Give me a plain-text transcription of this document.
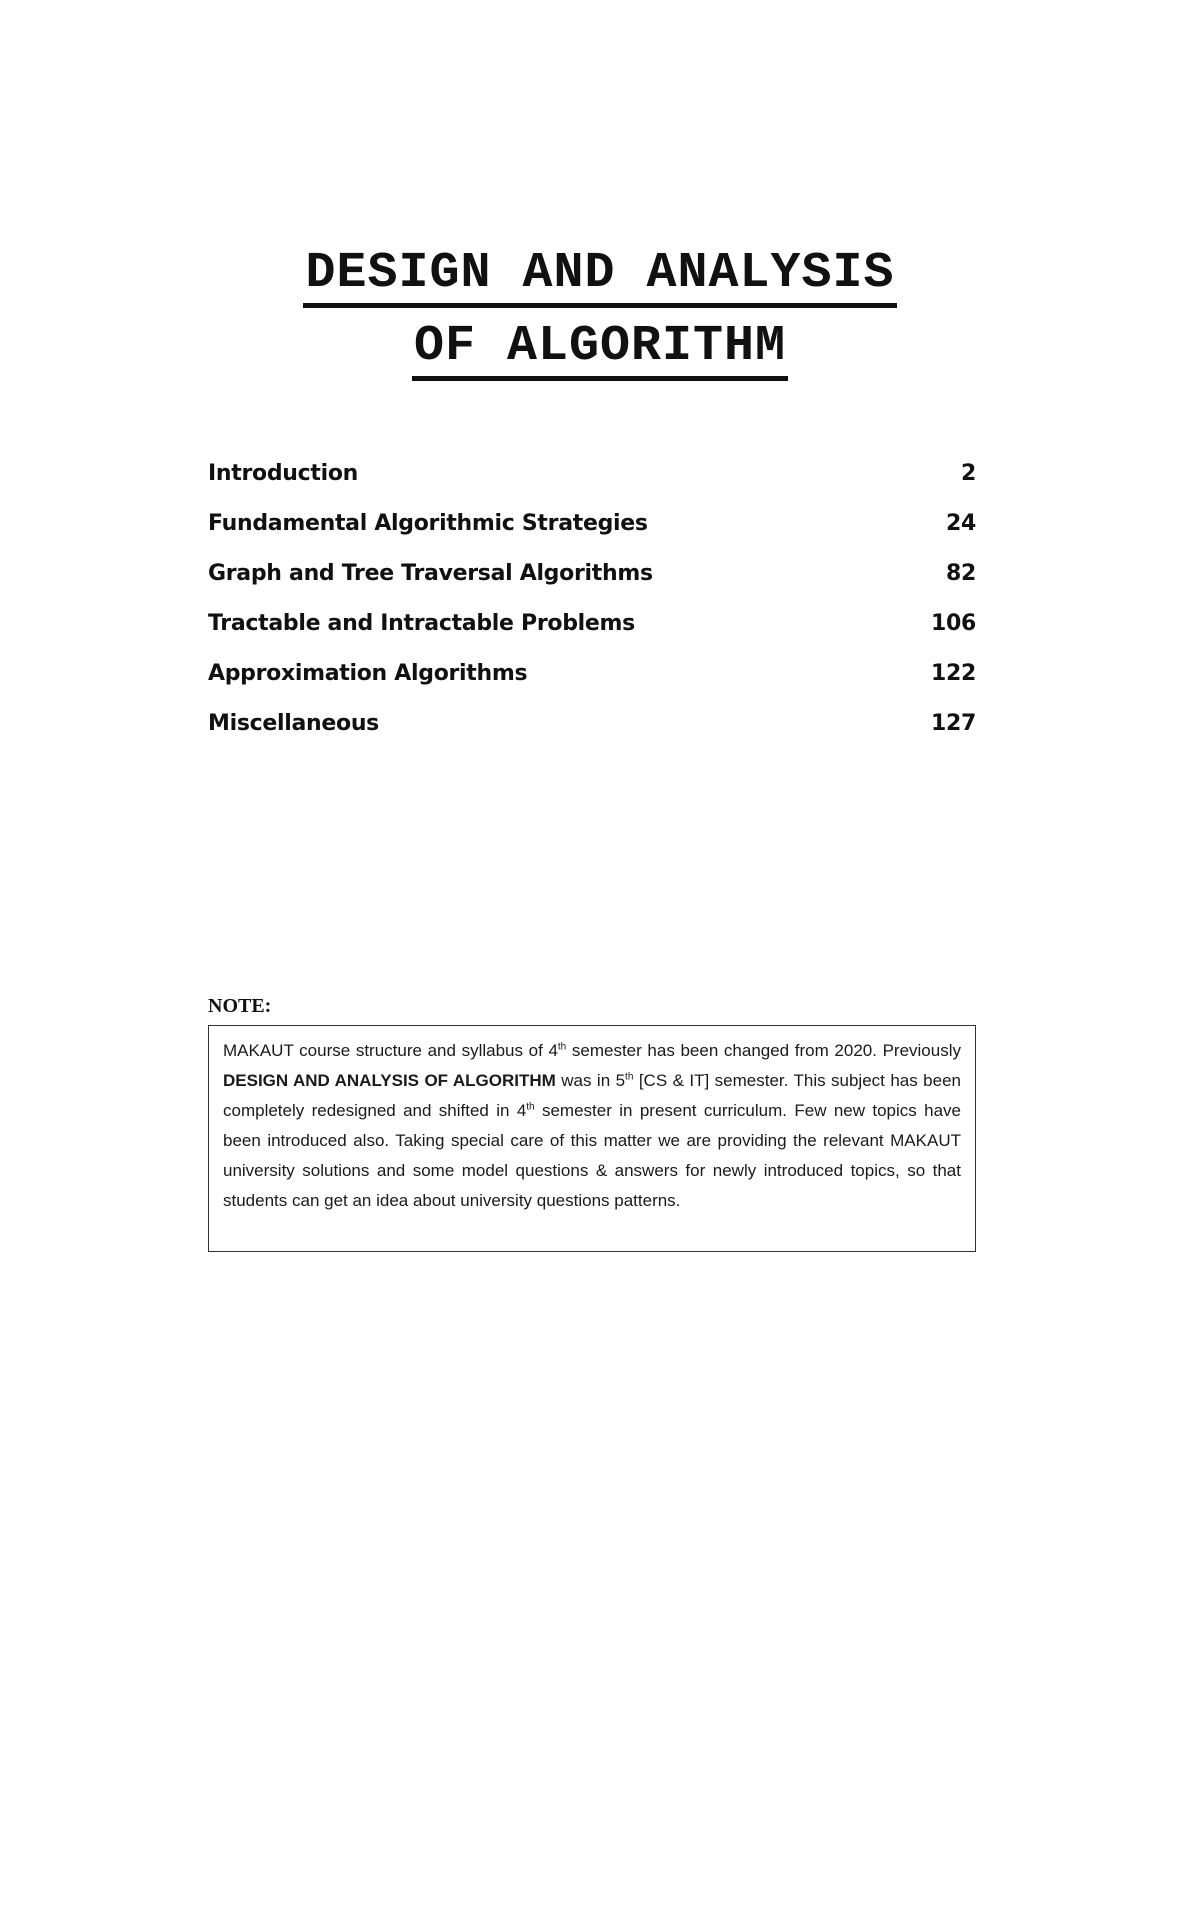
DESIGN AND ANALYSIS
OF ALGORITHM
Introduction	2
Fundamental Algorithmic Strategies	24
Graph and Tree Traversal Algorithms	82
Tractable and Intractable Problems	106
Approximation Algorithms	122
Miscellaneous	127
NOTE:
MAKAUT course structure and syllabus of 4th semester has been changed from 2020. Previously DESIGN AND ANALYSIS OF ALGORITHM was in 5th [CS & IT] semester. This subject has been completely redesigned and shifted in 4th semester in present curriculum. Few new topics have been introduced also. Taking special care of this matter we are providing the relevant MAKAUT university solutions and some model questions & answers for newly introduced topics, so that students can get an idea about university questions patterns.
